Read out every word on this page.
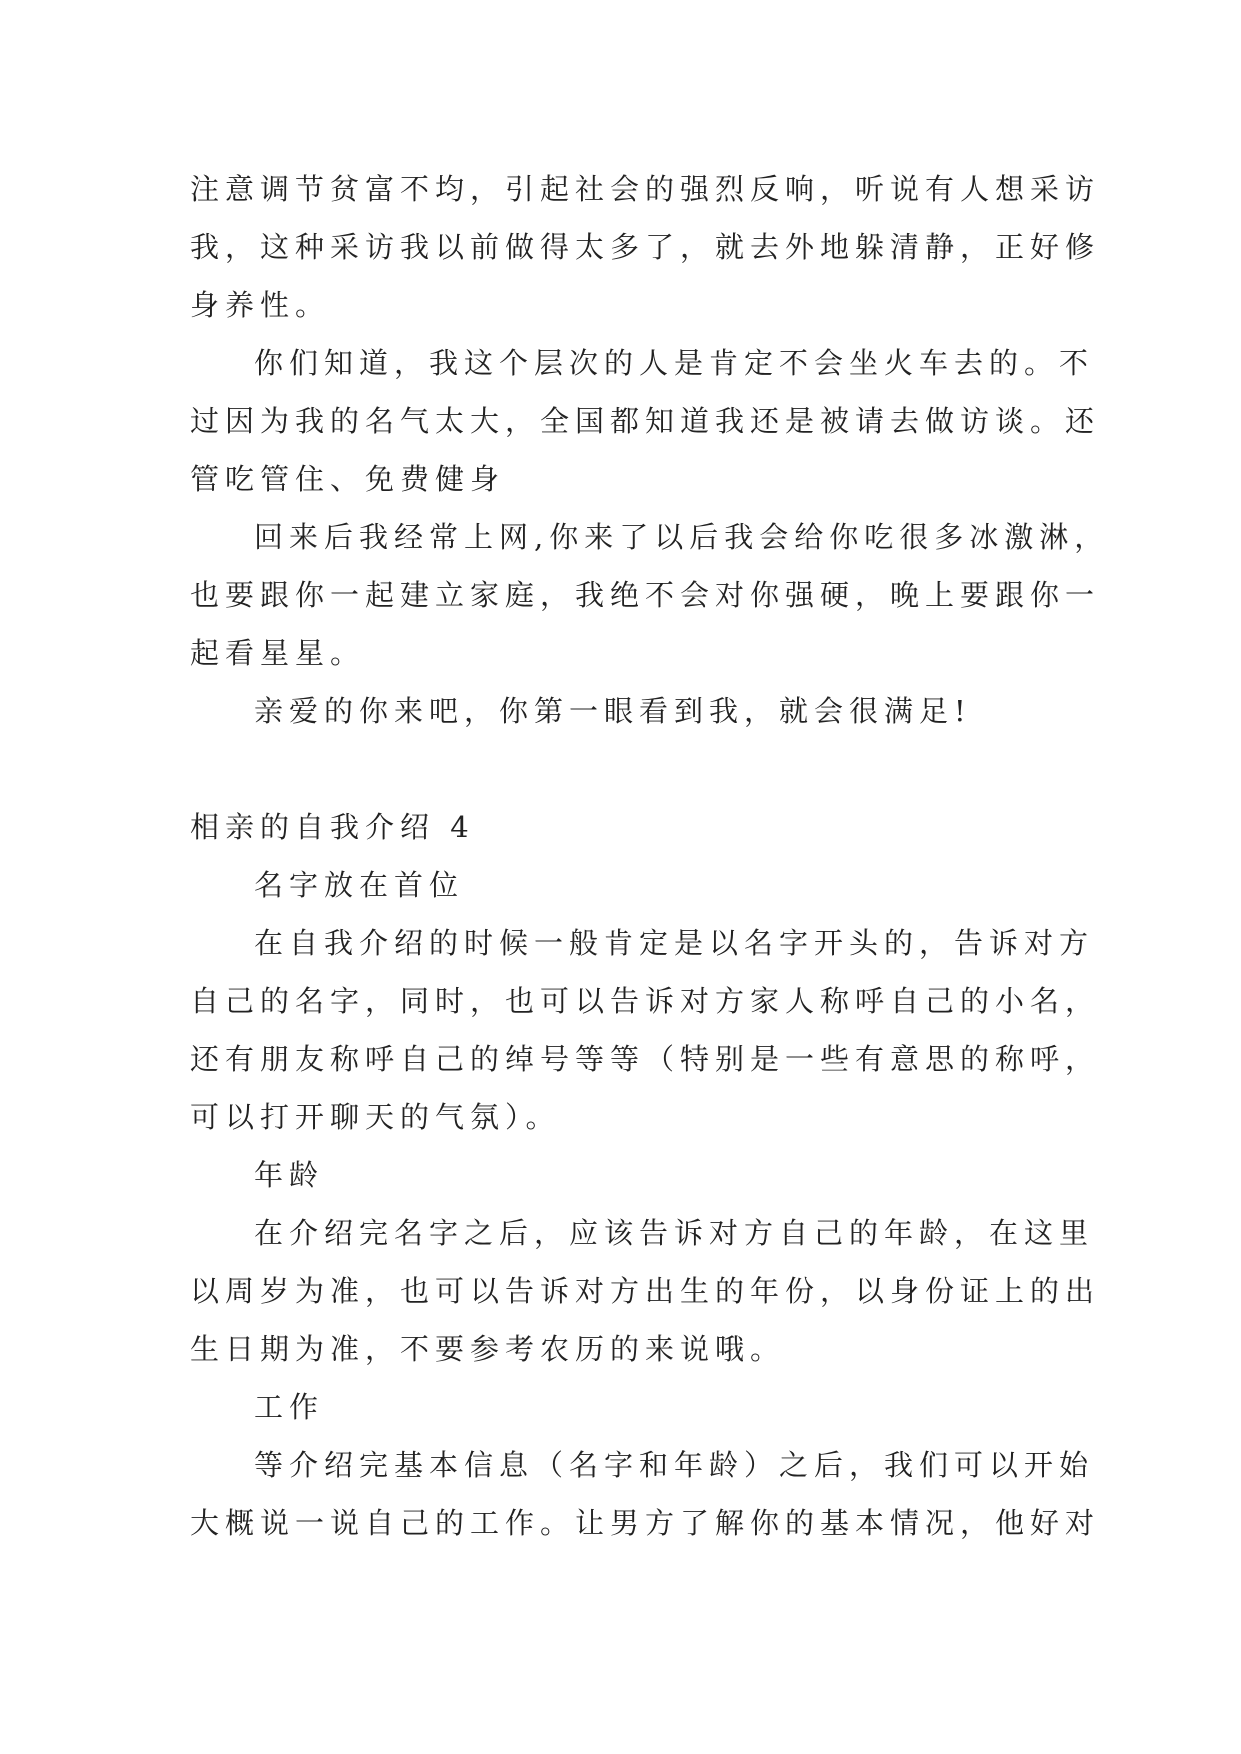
注意调节贫富不均，引起社会的强烈反响，听说有人想采访
我，这种采访我以前做得太多了，就去外地躲清静，正好修
身养性。
你们知道，我这个层次的人是肯定不会坐火车去的。不
过因为我的名气太大，全国都知道我还是被请去做访谈。还
管吃管住、免费健身
回来后我经常上网,你来了以后我会给你吃很多冰激淋，
也要跟你一起建立家庭，我绝不会对你强硬，晚上要跟你一
起看星星。
亲爱的你来吧，你第一眼看到我，就会很满足!
相亲的自我介绍 4
名字放在首位
在自我介绍的时候一般肯定是以名字开头的，告诉对方
自己的名字，同时，也可以告诉对方家人称呼自己的小名，
还有朋友称呼自己的绰号等等（特别是一些有意思的称呼，
可以打开聊天的气氛）。
年龄
在介绍完名字之后，应该告诉对方自己的年龄，在这里
以周岁为准，也可以告诉对方出生的年份，以身份证上的出
生日期为准，不要参考农历的来说哦。
工作
等介绍完基本信息（名字和年龄）之后，我们可以开始
大概说一说自己的工作。让男方了解你的基本情况，他好对
